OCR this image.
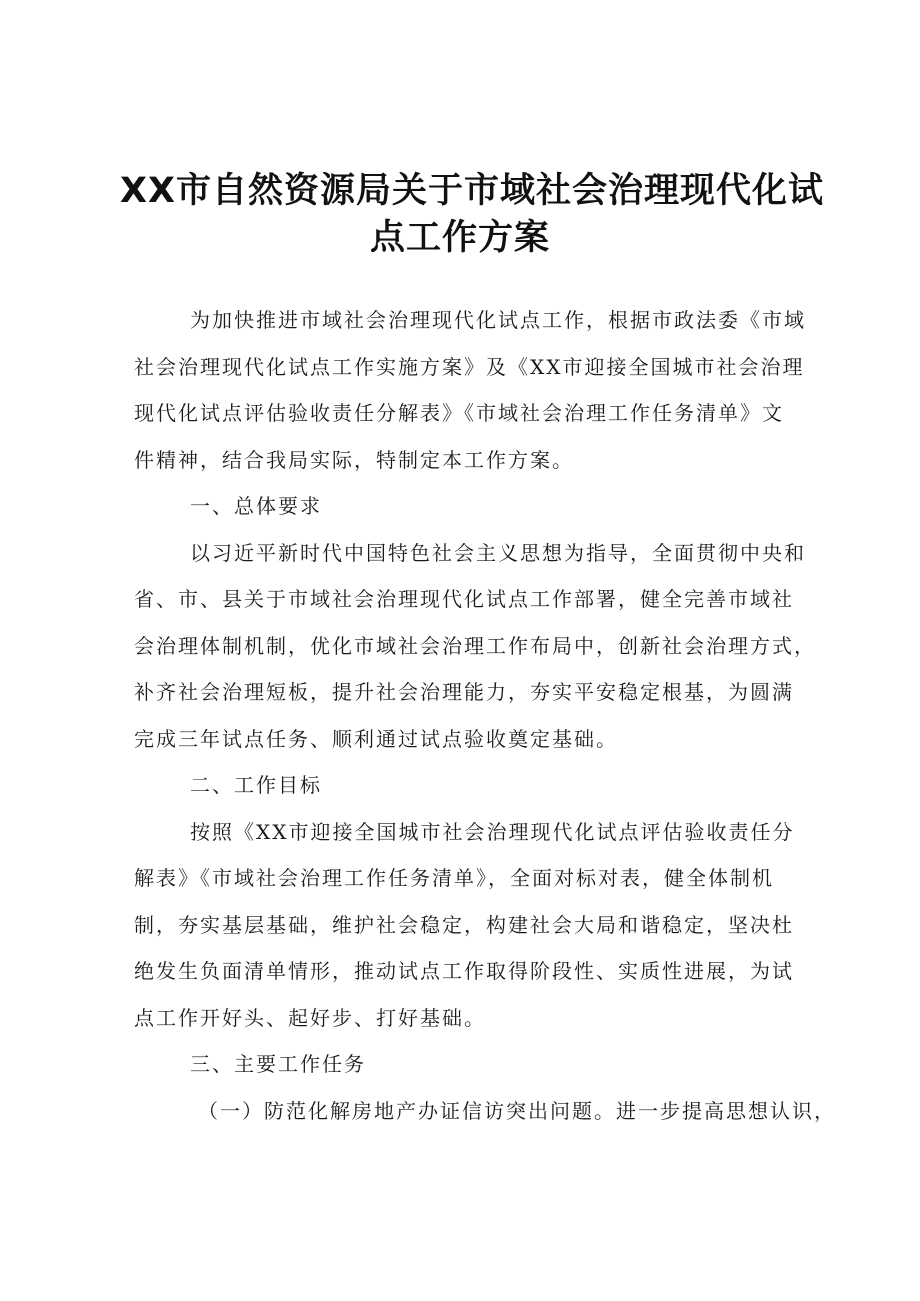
XX市自然资源局关于市域社会治理现代化试
点工作方案
为加快推进市域社会治理现代化试点工作，根据市政法委《市域
社会治理现代化试点工作实施方案》及《XX市迎接全国城市社会治理
现代化试点评估验收责任分解表》《市域社会治理工作任务清单》文
件精神，结合我局实际，特制定本工作方案。
一、总体要求
以习近平新时代中国特色社会主义思想为指导，全面贯彻中央和
省、市、县关于市域社会治理现代化试点工作部署，健全完善市域社
会治理体制机制，优化市域社会治理工作布局中，创新社会治理方式，
补齐社会治理短板，提升社会治理能力，夯实平安稳定根基，为圆满
完成三年试点任务、顺利通过试点验收奠定基础。
二、工作目标
按照《XX市迎接全国城市社会治理现代化试点评估验收责任分
解表》《市域社会治理工作任务清单》，全面对标对表，健全体制机
制，夯实基层基础，维护社会稳定，构建社会大局和谐稳定，坚决杜
绝发生负面清单情形，推动试点工作取得阶段性、实质性进展，为试
点工作开好头、起好步、打好基础。
三、主要工作任务
（一）防范化解房地产办证信访突出问题。进一步提高思想认识，
